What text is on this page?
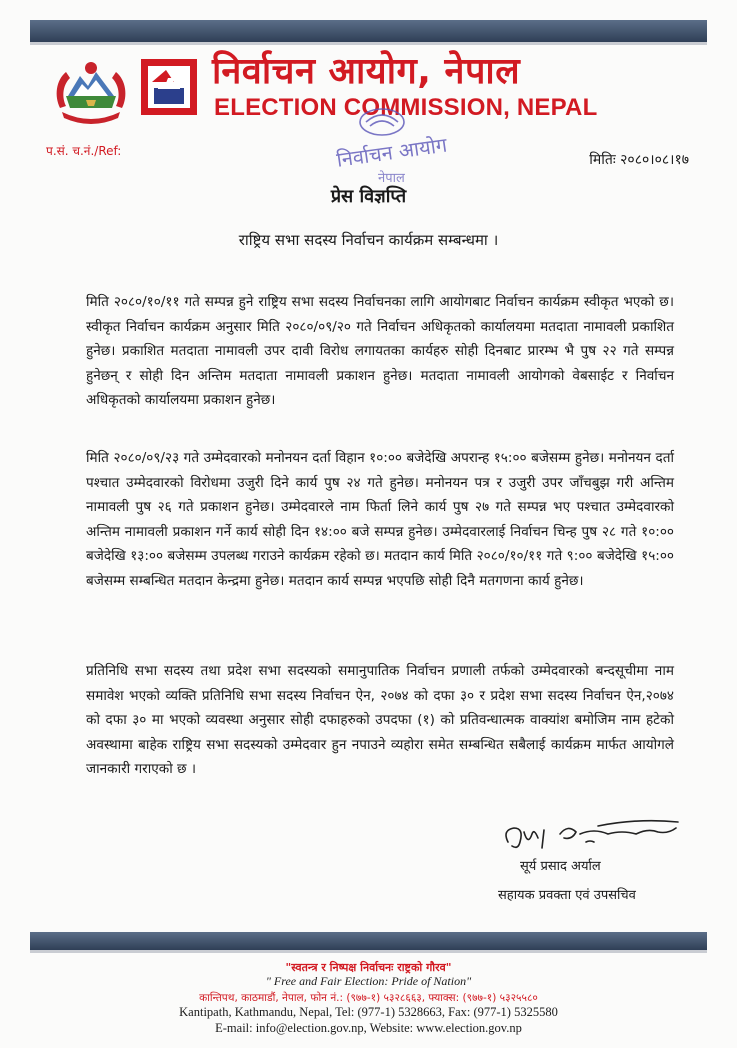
निर्वाचन आयोग, नेपाल
ELECTION COMMISSION, NEPAL
निर्वाचन आयोग
नेपाल
प.सं. च.नं./Ref:
मितिः २०८०।०८।१७
प्रेस विज्ञप्ति
राष्ट्रिय सभा सदस्य निर्वाचन कार्यक्रम सम्बन्धमा ।
मिति २०८०/१०/११ गते सम्पन्न हुने राष्ट्रिय सभा सदस्य निर्वाचनका लागि आयोगबाट निर्वाचन कार्यक्रम स्वीकृत भएको छ। स्वीकृत निर्वाचन कार्यक्रम अनुसार मिति २०८०/०९/२० गते निर्वाचन अधिकृतको कार्यालयमा मतदाता नामावली प्रकाशित हुनेछ। प्रकाशित मतदाता नामावली उपर दावी विरोध लगायतका कार्यहरु सोही दिनबाट प्रारम्भ भै पुष २२ गते सम्पन्न हुनेछन् र सोही दिन अन्तिम मतदाता नामावली प्रकाशन हुनेछ। मतदाता नामावली आयोगको वेबसाईट र निर्वाचन अधिकृतको कार्यालयमा प्रकाशन हुनेछ।
मिति २०८०/०९/२३ गते उम्मेदवारको मनोनयन दर्ता विहान १०:०० बजेदेखि अपरान्ह १५:०० बजेसम्म हुनेछ। मनोनयन दर्ता पश्चात उम्मेदवारको विरोधमा उजुरी दिने कार्य पुष २४ गते हुनेछ। मनोनयन पत्र र उजुरी उपर जाँचबुझ गरी अन्तिम नामावली पुष २६ गते प्रकाशन हुनेछ। उम्मेदवारले नाम फिर्ता लिने कार्य पुष २७ गते सम्पन्न भए पश्चात उम्मेदवारको अन्तिम नामावली प्रकाशन गर्ने कार्य सोही दिन १४:०० बजे सम्पन्न हुनेछ। उम्मेदवारलाई निर्वाचन चिन्ह पुष २८ गते १०:०० बजेदेखि १३:०० बजेसम्म उपलब्ध गराउने कार्यक्रम रहेको छ। मतदान कार्य मिति २०८०/१०/११ गते ९:०० बजेदेखि १५:०० बजेसम्म सम्बन्धित मतदान केन्द्रमा हुनेछ। मतदान कार्य सम्पन्न भएपछि सोही दिनै मतगणना कार्य हुनेछ।
प्रतिनिधि सभा सदस्य तथा प्रदेश सभा सदस्यको समानुपातिक निर्वाचन प्रणाली तर्फको उम्मेदवारको बन्दसूचीमा नाम समावेश भएको व्यक्ति प्रतिनिधि सभा सदस्य निर्वाचन ऐन, २०७४ को दफा ३० र प्रदेश सभा सदस्य निर्वाचन ऐन,२०७४ को दफा ३० मा भएको व्यवस्था अनुसार सोही दफाहरुको उपदफा (१) को प्रतिवन्धात्मक वाक्यांश बमोजिम नाम हटेको अवस्थामा बाहेक राष्ट्रिय सभा सदस्यको उम्मेदवार हुन नपाउने व्यहोरा समेत सम्बन्धित सबैलाई कार्यक्रम मार्फत आयोगले जानकारी गराएको छ ।
सूर्य प्रसाद अर्याल
सहायक प्रवक्ता एवं उपसचिव
"स्वतन्त्र र निष्पक्ष निर्वाचनः राष्ट्रको गौरव"
" Free and Fair Election: Pride of Nation"
कान्तिपथ, काठमाडौं, नेपाल, फोन नं.: (९७७-१) ५३२८६६३, फ्याक्स: (९७७-१) ५३२५५८०
Kantipath, Kathmandu, Nepal, Tel: (977-1) 5328663, Fax: (977-1) 5325580
E-mail: info@election.gov.np, Website: www.election.gov.np
